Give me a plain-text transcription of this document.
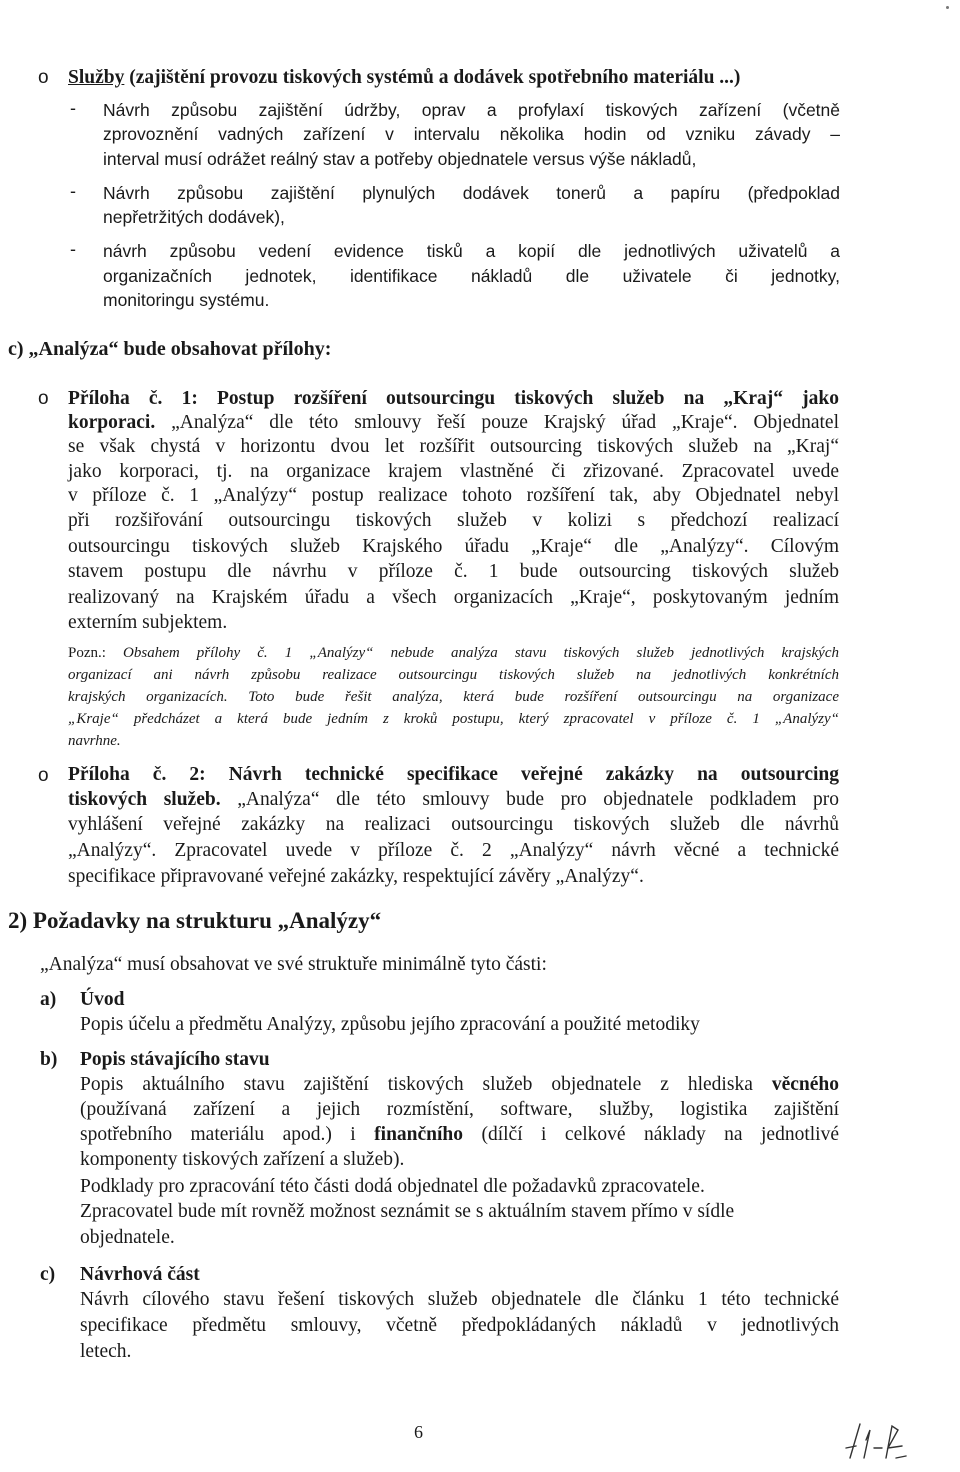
o Služby (zajištění provozu tiskových systémů a dodávek spotřebního materiálu ...)
- Návrh způsobu zajištění údržby, oprav a profylaxí tiskových zařízení (včetně
zprovoznění vadných zařízení v intervalu několika hodin od vzniku závady –
interval musí odrážet reálný stav a potřeby objednatele versus výše nákladů,
- Návrh způsobu zajištění plynulých dodávek tonerů a papíru (předpoklad
nepřetržitých dodávek),
- návrh způsobu vedení evidence tisků a kopií dle jednotlivých uživatelů a
organizačních jednotek, identifikace nákladů dle uživatele či jednotky,
monitoringu systému.
c) „Analýza“ bude obsahovat přílohy:
o Příloha č. 1: Postup rozšíření outsourcingu tiskových služeb na „Kraj“ jako
korporaci. „Analýza“ dle této smlouvy řeší pouze Krajský úřad „Kraje“. Objednatel
se však chystá v horizontu dvou let rozšířit outsourcing tiskových služeb na „Kraj“
jako korporaci, tj. na organizace krajem vlastněné či zřizované. Zpracovatel uvede
v příloze č. 1 „Analýzy“ postup realizace tohoto rozšíření tak, aby Objednatel nebyl
při rozšiřování outsourcingu tiskových služeb v kolizi s předchozí realizací
outsourcingu tiskových služeb Krajského úřadu „Kraje“ dle „Analýzy“. Cílovým
stavem postupu dle návrhu v příloze č. 1 bude outsourcing tiskových služeb
realizovaný na Krajském úřadu a všech organizacích „Kraje“, poskytovaným jedním
externím subjektem.
Pozn.: Obsahem přílohy č. 1 „Analýzy“ nebude analýza stavu tiskových služeb jednotlivých krajských
organizací ani návrh způsobu realizace outsourcingu tiskových služeb na jednotlivých konkrétních
krajských organizacích. Toto bude řešit analýza, která bude rozšíření outsourcingu na organizace
„Kraje“ předcházet a která bude jedním z kroků postupu, který zpracovatel v příloze č. 1 „Analýzy“
navrhne.
o Příloha č. 2: Návrh technické specifikace veřejné zakázky na outsourcing
tiskových služeb. „Analýza“ dle této smlouvy bude pro objednatele podkladem pro
vyhlášení veřejné zakázky na realizaci outsourcingu tiskových služeb dle návrhů
„Analýzy“. Zpracovatel uvede v příloze č. 2 „Analýzy“ návrh věcné a technické
specifikace připravované veřejné zakázky, respektující závěry „Analýzy“.
2) Požadavky na strukturu „Analýzy“
„Analýza“ musí obsahovat ve své struktuře minimálně tyto části:
a) Úvod
Popis účelu a předmětu Analýzy, způsobu jejího zpracování a použité metodiky
b) Popis stávajícího stavu
Popis aktuálního stavu zajištění tiskových služeb objednatele z hlediska věcného
(používaná zařízení a jejich rozmístění, software, služby, logistika zajištění
spotřebního materiálu apod.) i finančního (dílčí i celkové náklady na jednotlivé
komponenty tiskových zařízení a služeb).
Podklady pro zpracování této části dodá objednatel dle požadavků zpracovatele.
Zpracovatel bude mít rovněž možnost seznámit se s aktuálním stavem přímo v sídle
objednatele.
c) Návrhová část
Návrh cílového stavu řešení tiskových služeb objednatele dle článku 1 této technické
specifikace předmětu smlouvy, včetně předpokládaných nákladů v jednotlivých
letech.
6
